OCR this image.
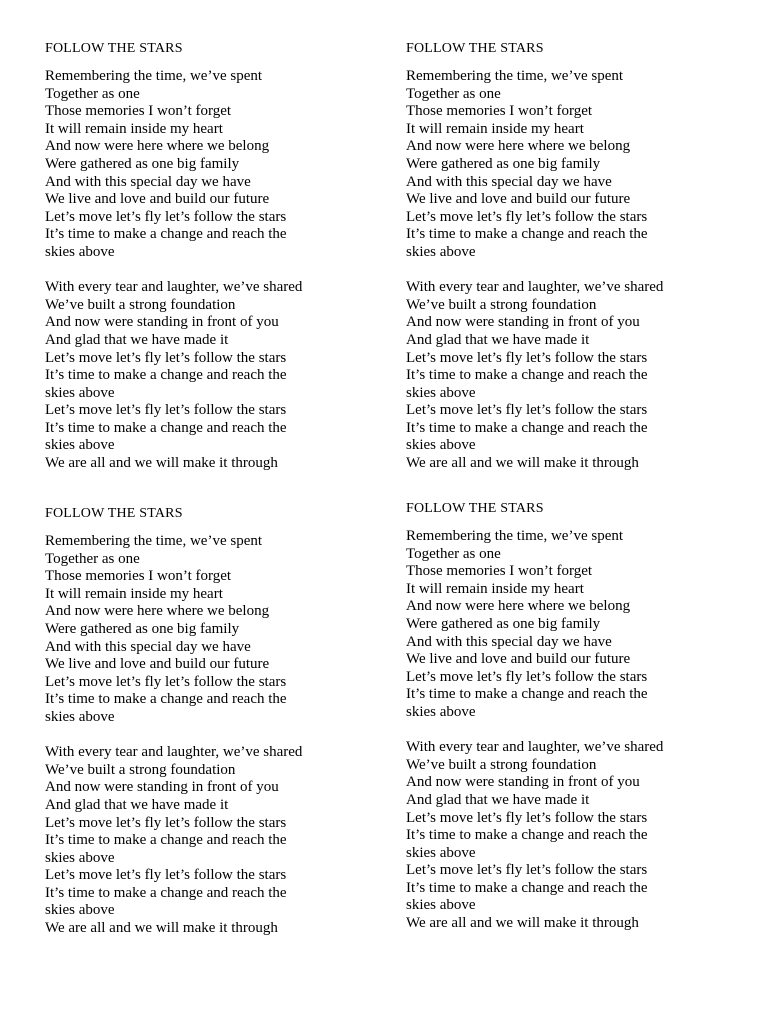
FOLLOW THE STARS
Remembering the time, we’ve spent
Together as one
Those memories I won’t forget
It will remain inside my heart
And now were here where we belong
Were gathered as one big family
And with this special day we have
We live and love and build our future
Let’s move let’s fly let’s follow the stars
It’s time to make a change and reach the
skies above
With every tear and laughter, we’ve shared
We’ve built a strong foundation
And now were standing in front of you
And glad that we have made it
Let’s move let’s fly let’s follow the stars
It’s time to make a change and reach the
skies above
Let’s move let’s fly let’s follow the stars
It’s time to make a change and reach the
skies above
We are all and we will make it through
FOLLOW THE STARS
Remembering the time, we’ve spent
Together as one
Those memories I won’t forget
It will remain inside my heart
And now were here where we belong
Were gathered as one big family
And with this special day we have
We live and love and build our future
Let’s move let’s fly let’s follow the stars
It’s time to make a change and reach the
skies above
With every tear and laughter, we’ve shared
We’ve built a strong foundation
And now were standing in front of you
And glad that we have made it
Let’s move let’s fly let’s follow the stars
It’s time to make a change and reach the
skies above
Let’s move let’s fly let’s follow the stars
It’s time to make a change and reach the
skies above
We are all and we will make it through
FOLLOW THE STARS
Remembering the time, we’ve spent
Together as one
Those memories I won’t forget
It will remain inside my heart
And now were here where we belong
Were gathered as one big family
And with this special day we have
We live and love and build our future
Let’s move let’s fly let’s follow the stars
It’s time to make a change and reach the
skies above
With every tear and laughter, we’ve shared
We’ve built a strong foundation
And now were standing in front of you
And glad that we have made it
Let’s move let’s fly let’s follow the stars
It’s time to make a change and reach the
skies above
Let’s move let’s fly let’s follow the stars
It’s time to make a change and reach the
skies above
We are all and we will make it through
FOLLOW THE STARS
Remembering the time, we’ve spent
Together as one
Those memories I won’t forget
It will remain inside my heart
And now were here where we belong
Were gathered as one big family
And with this special day we have
We live and love and build our future
Let’s move let’s fly let’s follow the stars
It’s time to make a change and reach the
skies above
With every tear and laughter, we’ve shared
We’ve built a strong foundation
And now were standing in front of you
And glad that we have made it
Let’s move let’s fly let’s follow the stars
It’s time to make a change and reach the
skies above
Let’s move let’s fly let’s follow the stars
It’s time to make a change and reach the
skies above
We are all and we will make it through
